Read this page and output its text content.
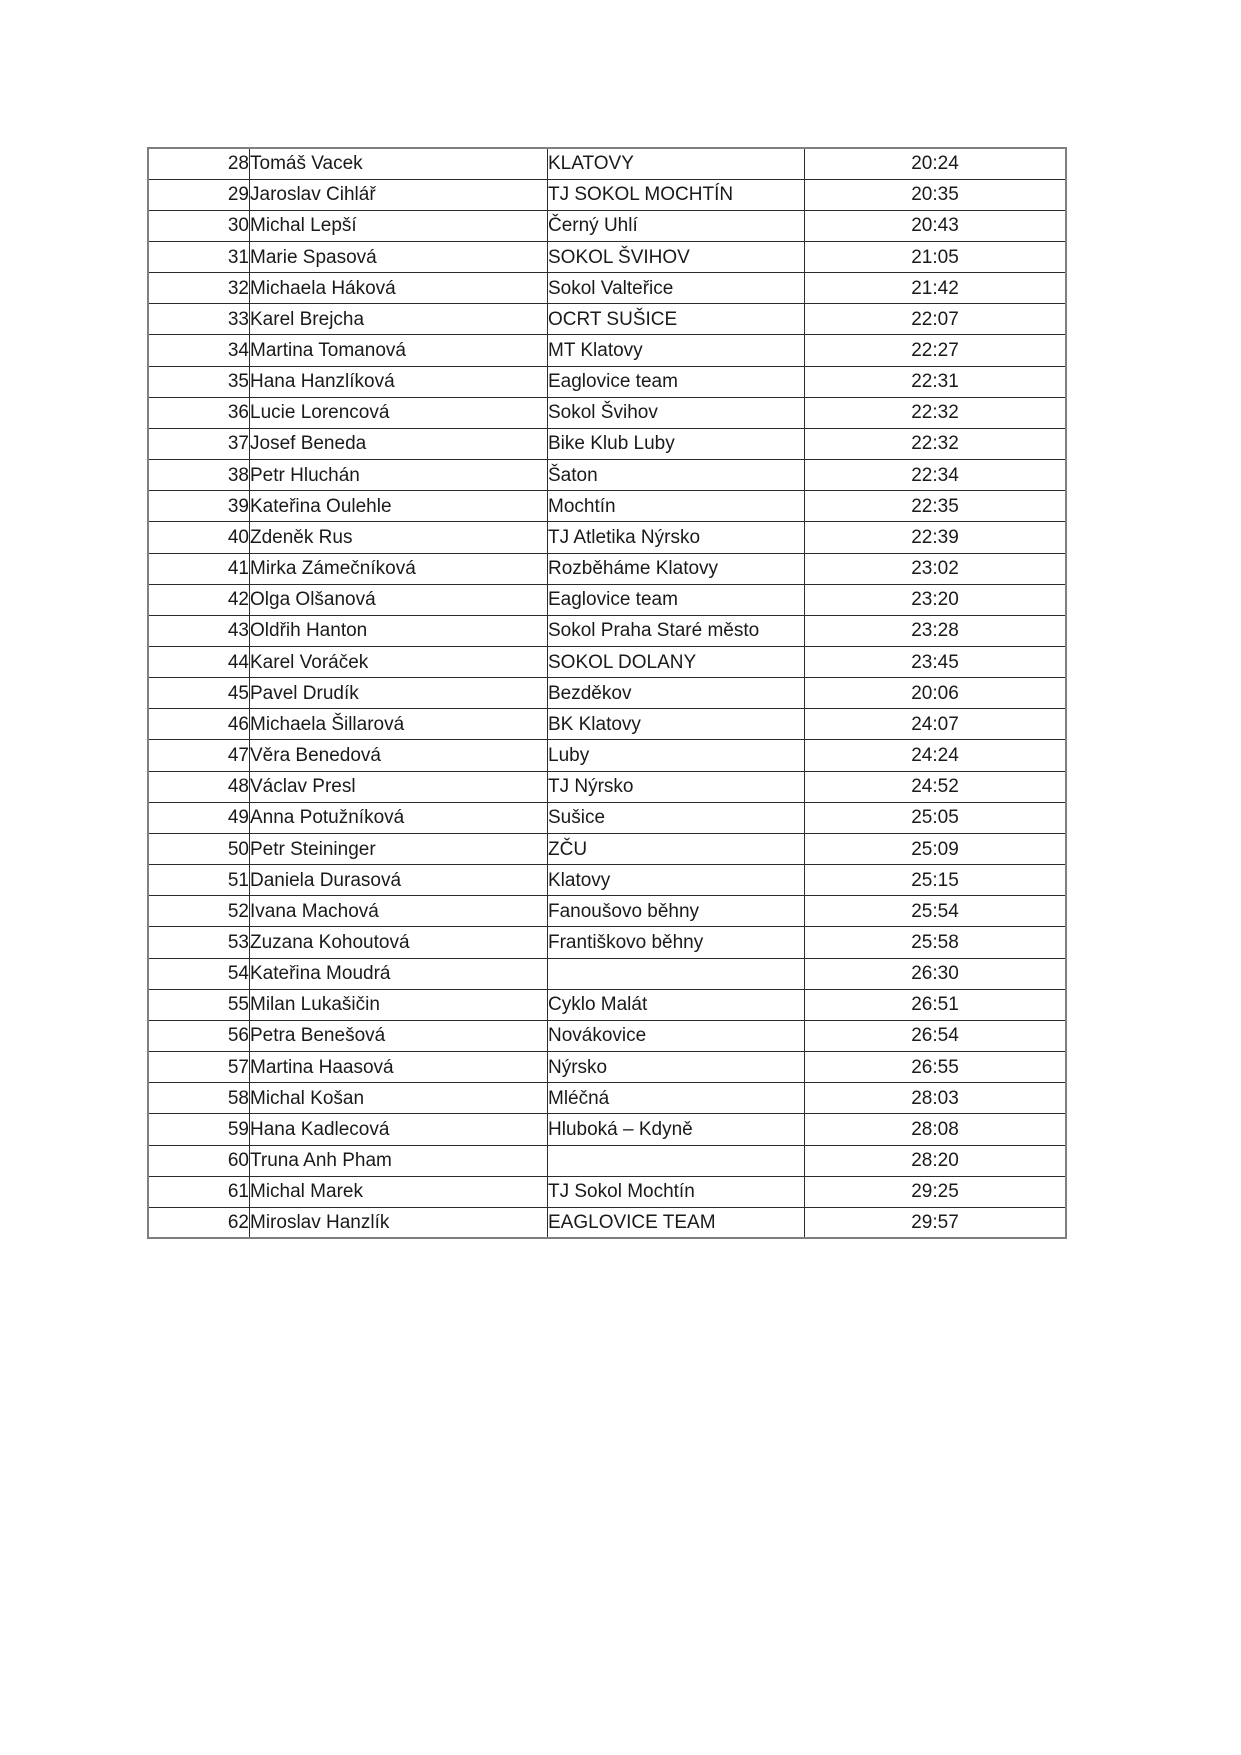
28	Tomáš Vacek	KLATOVY	20:24
29	Jaroslav Cihlář	TJ SOKOL MOCHTÍN	20:35
30	Michal Lepší	Černý Uhlí	20:43
31	Marie Spasová	SOKOL ŠVIHOV	21:05
32	Michaela Háková	Sokol Valteřice	21:42
33	Karel Brejcha	OCRT SUŠICE	22:07
34	Martina Tomanová	MT Klatovy	22:27
35	Hana Hanzlíková	Eaglovice team	22:31
36	Lucie Lorencová	Sokol Švihov	22:32
37	Josef Beneda	Bike Klub Luby	22:32
38	Petr Hluchán	Šaton	22:34
39	Kateřina Oulehle	Mochtín	22:35
40	Zdeněk Rus	TJ Atletika Nýrsko	22:39
41	Mirka Zámečníková	Rozběháme Klatovy	23:02
42	Olga Olšanová	Eaglovice team	23:20
43	Oldřih Hanton	Sokol Praha Staré město	23:28
44	Karel Voráček	SOKOL DOLANY	23:45
45	Pavel Drudík	Bezděkov	20:06
46	Michaela Šillarová	BK Klatovy	24:07
47	Věra Benedová	Luby	24:24
48	Václav Presl	TJ Nýrsko	24:52
49	Anna Potužníková	Sušice	25:05
50	Petr Steininger	ZČU	25:09
51	Daniela Durasová	Klatovy	25:15
52	Ivana Machová	Fanoušovo běhny	25:54
53	Zuzana Kohoutová	Františkovo běhny	25:58
54	Kateřina Moudrá		26:30
55	Milan Lukašičin	Cyklo Malát	26:51
56	Petra Benešová	Novákovice	26:54
57	Martina Haasová	Nýrsko	26:55
58	Michal Košan	Mléčná	28:03
59	Hana Kadlecová	Hluboká – Kdyně	28:08
60	Truna Anh Pham		28:20
61	Michal Marek	TJ Sokol Mochtín	29:25
62	Miroslav Hanzlík	EAGLOVICE TEAM	29:57
